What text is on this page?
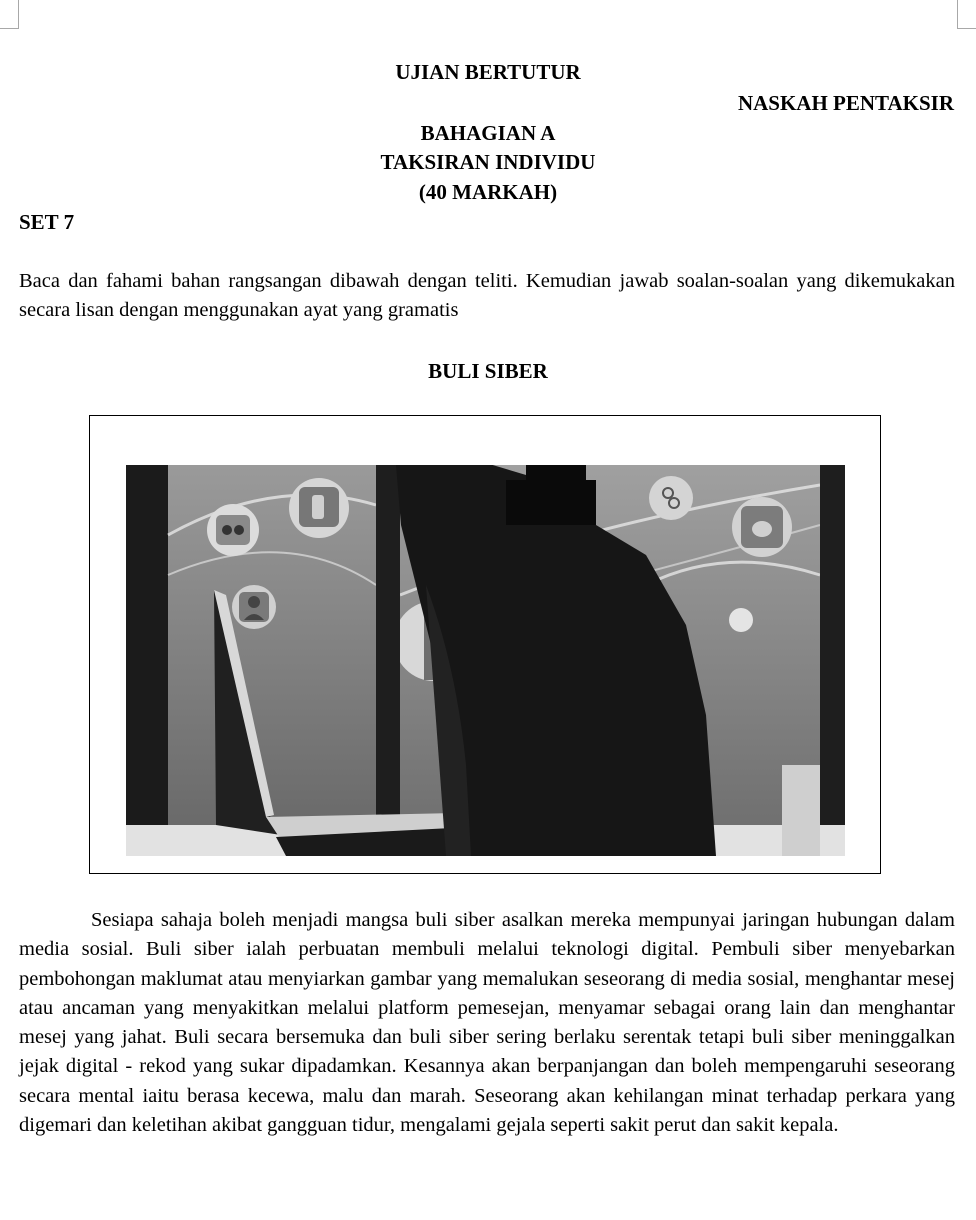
UJIAN BERTUTUR
NASKAH PENTAKSIR
BAHAGIAN A
TAKSIRAN INDIVIDU
(40 MARKAH)
SET 7
Baca dan fahami bahan rangsangan dibawah dengan teliti. Kemudian jawab soalan-soalan yang dikemukakan secara lisan dengan menggunakan ayat yang gramatis
BULI SIBER
Sesiapa sahaja boleh menjadi mangsa buli siber asalkan mereka mempunyai jaringan hubungan dalam media sosial. Buli siber ialah perbuatan membuli melalui teknologi digital. Pembuli siber menyebarkan pembohongan maklumat atau menyiarkan gambar yang memalukan seseorang di media sosial, menghantar mesej atau ancaman yang menyakitkan melalui platform pemesejan, menyamar sebagai orang lain dan menghantar mesej yang jahat. Buli secara bersemuka dan buli siber sering berlaku serentak tetapi buli siber meninggalkan jejak digital - rekod yang sukar dipadamkan. Kesannya akan berpanjangan dan boleh mempengaruhi seseorang secara mental iaitu berasa kecewa, malu dan marah. Seseorang akan kehilangan minat terhadap perkara yang digemari dan keletihan akibat gangguan tidur, mengalami gejala seperti sakit perut dan sakit kepala.
